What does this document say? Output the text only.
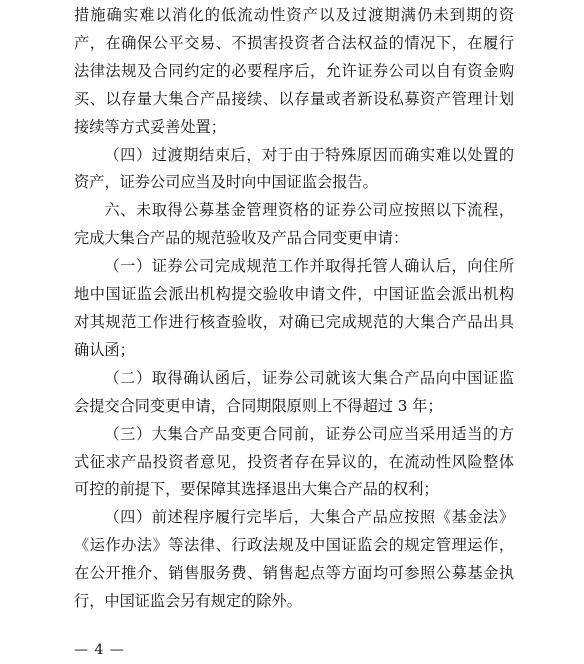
措施确实难以消化的低流动性资产以及过渡期满仍未到期的资产，在确保公平交易、不损害投资者合法权益的情况下，在履行法律法规及合同约定的必要程序后，允许证券公司以自有资金购买、以存量大集合产品接续、以存量或者新设私募资产管理计划接续等方式妥善处置；

（四）过渡期结束后，对于由于特殊原因而确实难以处置的资产，证券公司应当及时向中国证监会报告。

六、未取得公募基金管理资格的证券公司应按照以下流程，完成大集合产品的规范验收及产品合同变更申请：

（一）证券公司完成规范工作并取得托管人确认后，向住所地中国证监会派出机构提交验收申请文件，中国证监会派出机构对其规范工作进行核查验收，对确已完成规范的大集合产品出具确认函；

（二）取得确认函后，证券公司就该大集合产品向中国证监会提交合同变更申请，合同期限原则上不得超过 3 年；

（三）大集合产品变更合同前，证券公司应当采用适当的方式征求产品投资者意见，投资者存在异议的，在流动性风险整体可控的前提下，要保障其选择退出大集合产品的权利；

（四）前述程序履行完毕后，大集合产品应按照《基金法》《运作办法》等法律、行政法规及中国证监会的规定管理运作，在公开推介、销售服务费、销售起点等方面均可参照公募基金执行，中国证监会另有规定的除外。

— 4 —
